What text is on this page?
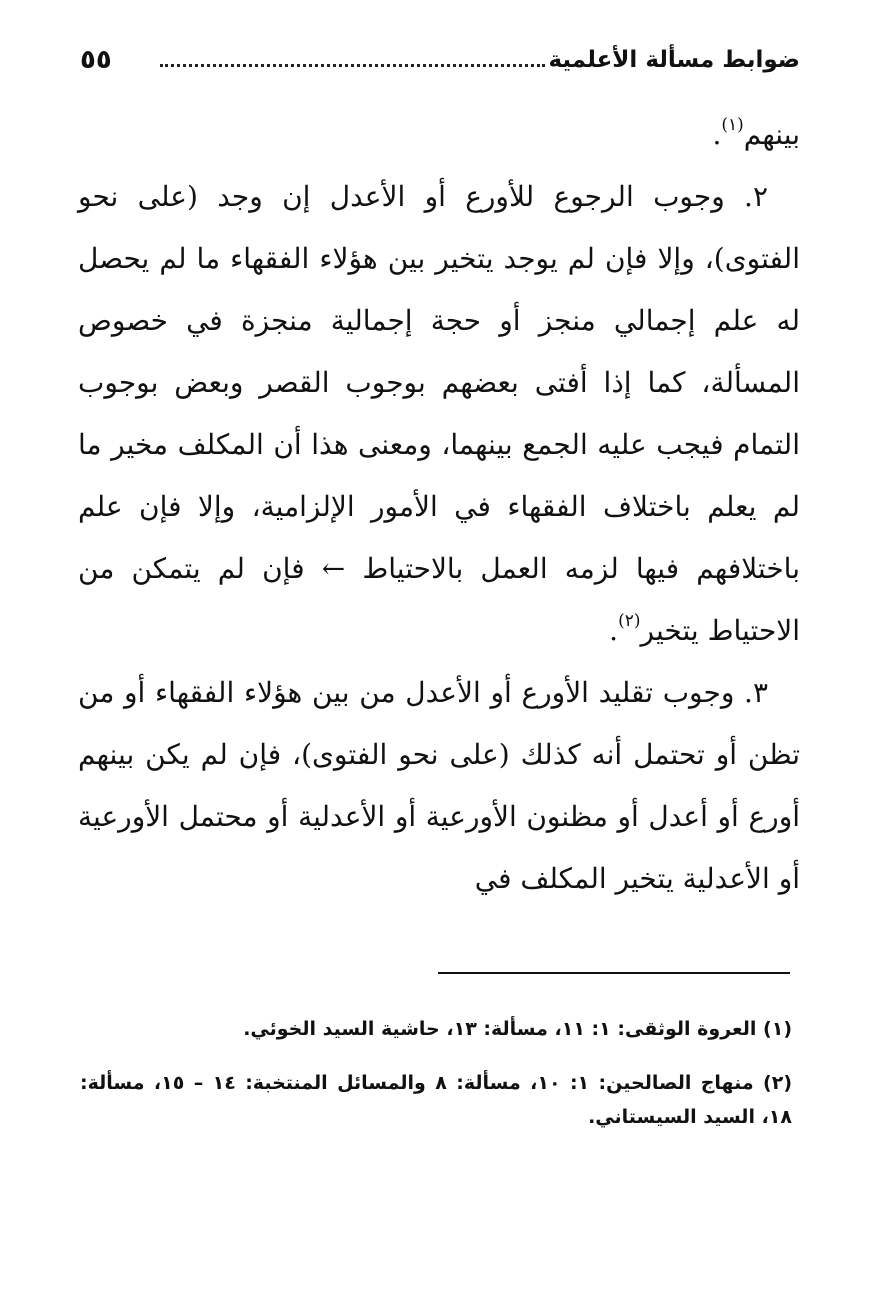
ضوابط مسألة الأعلمية
٥٥

بينهم$^{(١)}$.

٢. وجوب الرجوع للأورع أو الأعدل إن وجد (على نحو الفتوى)، وإلا فإن لم يوجد يتخير بين هؤلاء الفقهاء ما لم يحصل له علم إجمالي منجز أو حجة إجمالية منجزة في خصوص المسألة، كما إذا أفتى بعضهم بوجوب القصر وبعض بوجوب التمام فيجب عليه الجمع بينهما، ومعنى هذا أن المكلف مخير ما لم يعلم باختلاف الفقهاء في الأمور الإلزامية، وإلا فإن علم باختلافهم فيها لزمه العمل بالاحتياط ← فإن لم يتمكن من الاحتياط يتخير$^{(٢)}$.

٣. وجوب تقليد الأورع أو الأعدل من بين هؤلاء الفقهاء أو من تظن أو تحتمل أنه كذلك (على نحو الفتوى)، فإن لم يكن بينهم أورع أو أعدل أو مظنون الأورعية أو الأعدلية أو محتمل الأورعية أو الأعدلية يتخير المكلف في

(١) العروة الوثقى: ١: ١١، مسألة: ١٣، حاشية السيد الخوئي.

(٢) منهاج الصالحين: ١: ١٠، مسألة: ٨ والمسائل المنتخبة: ١٤ – ١٥، مسألة: ١٨، السيد السيستاني.
